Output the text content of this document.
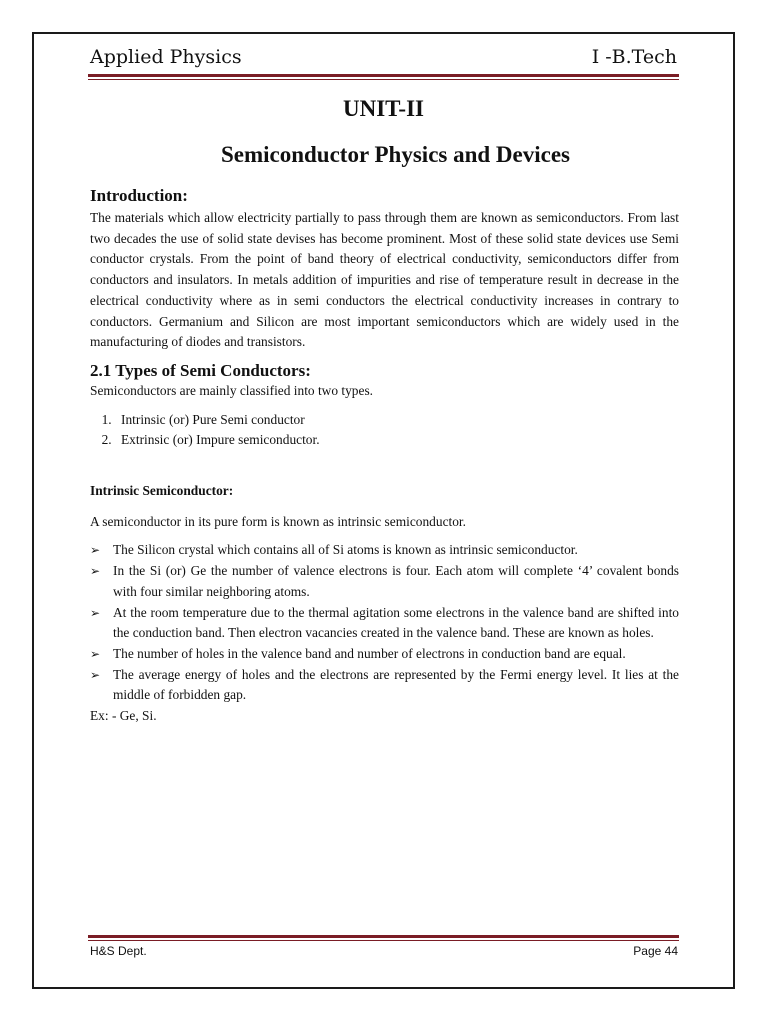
Applied Physics	I -B.Tech
UNIT-II
Semiconductor Physics and Devices
Introduction:

The materials which allow electricity partially to pass through them are known as semiconductors. From last two decades the use of solid state devises has become prominent. Most of these solid state devices use Semi conductor crystals. From the point of band theory of electrical conductivity, semiconductors differ from conductors and insulators. In metals addition of impurities and rise of temperature result in decrease in the electrical conductivity where as in semi conductors the electrical conductivity increases in contrary to conductors. Germanium and Silicon are most important semiconductors which are widely used in the manufacturing of diodes and transistors.

2.1 Types of Semi Conductors:

Semiconductors are mainly classified into two types.

1. Intrinsic (or) Pure Semi conductor
2. Extrinsic (or) Impure semiconductor.
Intrinsic Semiconductor:

A semiconductor in its pure form is known as intrinsic semiconductor.

➢ The Silicon crystal which contains all of Si atoms is known as intrinsic semiconductor.
➢ In the Si (or) Ge the number of valence electrons is four. Each atom will complete ‘4’ covalent bonds with four similar neighboring atoms.
➢ At the room temperature due to the thermal agitation some electrons in the valence band are shifted into the conduction band. Then electron vacancies created in the valence band. These are known as holes.
➢ The number of holes in the valence band and number of electrons in conduction band are equal.
➢ The average energy of holes and the electrons are represented by the Fermi energy level. It lies at the middle of forbidden gap.

Ex: - Ge, Si.

H&S Dept.	Page 44
